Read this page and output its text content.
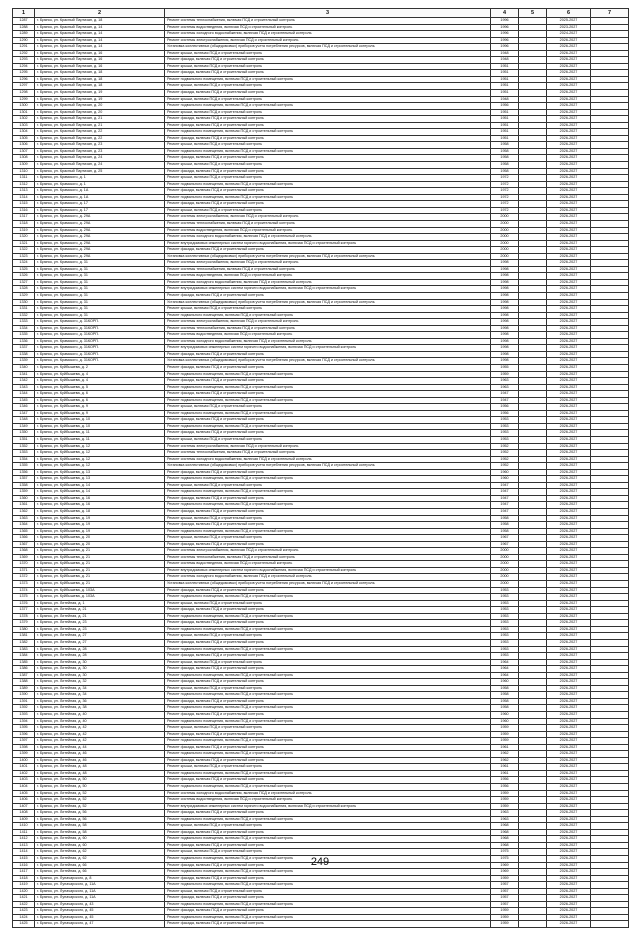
1	2	3	4	5	6	7
1287	г. Брянск, ул. Красный Партизан, д. 18	Ремонт системы теплоснабжения, включая ПСД и строительный контроль	1996		2025-2027	
1288	г. Брянск, ул. Красный Партизан, д. 14	Ремонт системы водоотведения, включая ПСД и строительный контроль	1996		2023-2027	
1289	г. Брянск, ул. Красный Партизан, д. 14	Ремонт системы холодного водоснабжения, включая ПСД и строительный контроль	1996		2024-2027	
1290	г. Брянск, ул. Красный Партизан, д. 14	Ремонт системы электроснабжения, включая ПСД и строительный контроль	1996		2026-2027	
1291	г. Брянск, ул. Красный Партизан, д. 14	Установка коллективных (общедомовых) приборов учета потребления ресурсов, включая ПСД и строительный контроль	1996		2026-2027	
1292	г. Брянск, ул. Красный Партизан, д. 16	Ремонт крыши, включая ПСД и строительный контроль	1948		2026-2027	
1293	г. Брянск, ул. Красный Партизан, д. 16	Ремонт фасада, включая ПСД и строительный контроль	1948		2026-2027	
1294	г. Брянск, ул. Красный Партизан, д. 16	Ремонт крыши, включая ПСД и строительный контроль	1951		2026-2027	
1295	г. Брянск, ул. Красный Партизан, д. 18	Ремонт фасада, включая ПСД и строительный контроль	1951		2026-2027	
1296	г. Брянск, ул. Красный Партизан, д. 18	Ремонт подвального помещения, включая ПСД и строительный контроль	1951		2026-2027	
1297	г. Брянск, ул. Красный Партизан, д. 18	Ремонт крыши, включая ПСД и строительный контроль	1951		2026-2027	
1298	г. Брянск, ул. Красный Партизан, д. 19	Ремонт фасада, включая ПСД и строительный контроль	1951		2026-2027	
1299	г. Брянск, ул. Красный Партизан, д. 19	Ремонт крыши, включая ПСД и строительный контроль	1948		2026-2027	
1300	г. Брянск, ул. Красный Партизан, д. 20	Ремонт подвального помещения, включая ПСД и строительный контроль	1956		2026-2027	
1301	г. Брянск, ул. Красный Партизан, д. 20	Ремонт крыши, включая ПСД и строительный контроль	1951		2026-2027	
1302	г. Брянск, ул. Красный Партизан, д. 21	Ремонт фасада, включая ПСД и строительный контроль	1951		2026-2027	
1303	г. Брянск, ул. Красный Партизан, д. 21	Ремонт фасада, включая ПСД и строительный контроль	1951		2026-2027	
1304	г. Брянск, ул. Красный Партизан, д. 22	Ремонт подвального помещения, включая ПСД и строительный контроль	1951		2026-2027	
1305	г. Брянск, ул. Красный Партизан, д. 22	Ремонт фасада, включая ПСД и строительный контроль	1951		2026-2027	
1306	г. Брянск, ул. Красный Партизан, д. 23	Ремонт крыши, включая ПСД и строительный контроль	1958		2026-2027	
1307	г. Брянск, ул. Красный Партизан, д. 23	Ремонт подвального помещения, включая ПСД и строительный контроль	1958		2026-2027	
1308	г. Брянск, ул. Красный Партизан, д. 24	Ремонт фасада, включая ПСД и строительный контроль	1958		2026-2027	
1309	г. Брянск, ул. Красный Партизан, д. 24	Ремонт крыши, включая ПСД и строительный контроль	1958		2026-2027	
1310	г. Брянск, ул. Красный Партизан, д. 25	Ремонт фасада, включая ПСД и строительный контроль	1958		2026-2027	
1311	г. Брянск, ул. Крамского, д. 1	Ремонт крыши, включая ПСД и строительный контроль	1972		2026-2027	
1312	г. Брянск, ул. Крамского, д. 1	Ремонт подвального помещения, включая ПСД и строительный контроль	1972		2026-2027	
1313	г. Брянск, ул. Крамского, д. 1А	Ремонт фасада, включая ПСД и строительный контроль	1972		2026-2027	
1314	г. Брянск, ул. Крамского, д. 1А	Ремонт подвального помещения, включая ПСД и строительный контроль	1972		2026-2027	
1315	г. Брянск, ул. Крамского, д. 17	Ремонт фасада, включая ПСД и строительный контроль	1972		2026-2027	
1316	г. Брянск, ул. Крамского, д. 17	Ремонт крыши, включая ПСД и строительный контроль	1972		2026-2027	
1317	г. Брянск, ул. Крамского, д. 29А	Ремонт системы электроснабжения, включая ПСД и строительный контроль	2000		2026-2027	
1318	г. Брянск, ул. Крамского, д. 29А	Ремонт системы теплоснабжения, включая ПСД и строительный контроль	2000		2026-2027	
1319	г. Брянск, ул. Крамского, д. 29А	Ремонт системы водоотведения, включая ПСД и строительный контроль	2000		2026-2027	
1320	г. Брянск, ул. Крамского, д. 29А	Ремонт системы холодного водоснабжения, включая ПСД и строительный контроль	2000		2026-2027	
1321	г. Брянск, ул. Крамского, д. 29А	Ремонт внутридомовых инженерных систем горячего водоснабжения, включая ПСД и строительный контроль	2000		2026-2027	
1322	г. Брянск, ул. Крамского, д. 29А	Ремонт фасада, включая ПСД и строительный контроль	2000		2026-2027	
1323	г. Брянск, ул. Крамского, д. 29А	Установка коллективных (общедомовых) приборов учета потребления ресурсов, включая ПСД и строительный контроль	2000		2026-2027	
1324	г. Брянск, ул. Крамского, д. 31	Ремонт системы электроснабжения, включая ПСД и строительный контроль	1998		2026-2027	
1325	г. Брянск, ул. Крамского, д. 31	Ремонт системы теплоснабжения, включая ПСД и строительный контроль	1998		2026-2027	
1326	г. Брянск, ул. Крамского, д. 31	Ремонт системы водоотведения, включая ПСД и строительный контроль	1998		2026-2027	
1327	г. Брянск, ул. Крамского, д. 31	Ремонт системы холодного водоснабжения, включая ПСД и строительный контроль	1998		2026-2027	
1328	г. Брянск, ул. Крамского, д. 31	Ремонт внутридомовых инженерных систем горячего водоснабжения, включая ПСД и строительный контроль	1998		2026-2027	
1329	г. Брянск, ул. Крамского, д. 31	Ремонт фасада, включая ПСД и строительный контроль	1998		2026-2027	
1330	г. Брянск, ул. Крамского, д. 31	Установка коллективных (общедомовых) приборов учета потребления ресурсов, включая ПСД и строительный контроль	1998		2026-2027	
1331	г. Брянск, ул. Крамского, д. 31	Ремонт крыши, включая ПСД и строительный контроль	1998		2026-2027	
1332	г. Брянск, ул. Крамского, д. 31	Ремонт подвального помещения, включая ПСД и строительный контроль	1998		2026-2027	
1333	г. Брянск, ул. Крамского, д. 31КОРП.	Ремонт системы электроснабжения, включая ПСД и строительный контроль	1998		2026-2027	
1334	г. Брянск, ул. Крамского, д. 31КОРП.	Ремонт системы теплоснабжения, включая ПСД и строительный контроль	1998		2026-2027	
1335	г. Брянск, ул. Крамского, д. 31КОРП.	Ремонт системы водоотведения, включая ПСД и строительный контроль	1998		2026-2027	
1336	г. Брянск, ул. Крамского, д. 31КОРП.	Ремонт системы холодного водоснабжения, включая ПСД и строительный контроль	1998		2026-2027	
1337	г. Брянск, ул. Крамского, д. 31КОРП.	Ремонт внутридомовых инженерных систем горячего водоснабжения, включая ПСД и строительный контроль	1998		2026-2027	
1338	г. Брянск, ул. Крамского, д. 31КОРП.	Ремонт фасада, включая ПСД и строительный контроль	1998		2026-2027	
1339	г. Брянск, ул. Крамского, д. 31КОРП.	Установка коллективных (общедомовых) приборов учета потребления ресурсов, включая ПСД и строительный контроль	1998		2026-2027	
1340	г. Брянск, ул. Куйбышева, д. 2	Ремонт фасада, включая ПСД и строительный контроль	1955		2026-2027	
1341	г. Брянск, ул. Куйбышева, д. 4	Ремонт подвального помещения, включая ПСД и строительный контроль	1959		2026-2027	
1342	г. Брянск, ул. Куйбышева, д. 4	Ремонт фасада, включая ПСД и строительный контроль	1963		2026-2027	
1343	г. Брянск, ул. Куйбышева, д. 5	Ремонт подвального помещения, включая ПСД и строительный контроль	1963		2026-2027	
1344	г. Брянск, ул. Куйбышева, д. 6	Ремонт фасада, включая ПСД и строительный контроль	1947		2026-2027	
1345	г. Брянск, ул. Куйбышева, д. 6	Ремонт подвального помещения, включая ПСД и строительный контроль	1947		2026-2027	
1346	г. Брянск, ул. Куйбышева, д. 9	Ремонт крыши, включая ПСД и строительный контроль	1956		2026-2027	
1347	г. Брянск, ул. Куйбышева, д. 9	Ремонт подвального помещения, включая ПСД и строительный контроль	1956		2026-2027	
1348	г. Брянск, ул. Куйбышева, д. 10	Ремонт фасада, включая ПСД и строительный контроль	1953		2026-2027	
1349	г. Брянск, ул. Куйбышева, д. 10	Ремонт подвального помещения, включая ПСД и строительный контроль	1953		2026-2027	
1350	г. Брянск, ул. Куйбышева, д. 11	Ремонт фасада, включая ПСД и строительный контроль	1953		2026-2027	
1351	г. Брянск, ул. Куйбышева, д. 11	Ремонт крыши, включая ПСД и строительный контроль	1953		2026-2027	
1352	г. Брянск, ул. Куйбышева, д. 12	Ремонт системы электроснабжения, включая ПСД и строительный контроль	1952		2026-2027	
1353	г. Брянск, ул. Куйбышева, д. 12	Ремонт системы теплоснабжения, включая ПСД и строительный контроль	1952		2026-2027	
1354	г. Брянск, ул. Куйбышева, д. 12	Ремонт системы холодного водоснабжения, включая ПСД и строительный контроль	1952		2026-2027	
1355	г. Брянск, ул. Куйбышева, д. 12	Установка коллективных (общедомовых) приборов учета потребления ресурсов, включая ПСД и строительный контроль	1952		2026-2027	
1356	г. Брянск, ул. Куйбышева, д. 13	Ремонт фасада, включая ПСД и строительный контроль	1960		2026-2027	
1357	г. Брянск, ул. Куйбышева, д. 13	Ремонт подвального помещения, включая ПСД и строительный контроль	1960		2026-2027	
1358	г. Брянск, ул. Куйбышева, д. 14	Ремонт крыши, включая ПСД и строительный контроль	1947		2026-2027	
1359	г. Брянск, ул. Куйбышева, д. 14	Ремонт подвального помещения, включая ПСД и строительный контроль	1947		2026-2027	
1360	г. Брянск, ул. Куйбышева, д. 16	Ремонт фасада, включая ПСД и строительный контроль	1947		2026-2027	
1361	г. Брянск, ул. Куйбышева, д. 16	Ремонт подвального помещения, включая ПСД и строительный контроль	1947		2026-2027	
1362	г. Брянск, ул. Куйбышева, д. 18	Ремонт фасада, включая ПСД и строительный контроль	1947		2026-2027	
1363	г. Брянск, ул. Куйбышева, д. 19	Ремонт крыши, включая ПСД и строительный контроль	1958		2026-2027	
1364	г. Брянск, ул. Куйбышева, д. 19	Ремонт фасада, включая ПСД и строительный контроль	1958		2026-2027	
1365	г. Брянск, ул. Куйбышева, д. 19	Ремонт подвального помещения, включая ПСД и строительный контроль	1958		2026-2027	
1366	г. Брянск, ул. Куйбышева, д. 20	Ремонт крыши, включая ПСД и строительный контроль	1967		2026-2027	
1367	г. Брянск, ул. Куйбышева, д. 20	Ремонт фасада, включая ПСД и строительный контроль	1967		2026-2027	
1368	г. Брянск, ул. Куйбышева, д. 21	Ремонт системы электроснабжения, включая ПСД и строительный контроль	2000		2026-2027	
1369	г. Брянск, ул. Куйбышева, д. 21	Ремонт системы теплоснабжения, включая ПСД и строительный контроль	2000		2026-2027	
1370	г. Брянск, ул. Куйбышева, д. 21	Ремонт системы водоотведения, включая ПСД и строительный контроль	2000		2026-2027	
1371	г. Брянск, ул. Куйбышева, д. 21	Ремонт внутридомовых инженерных систем горячего водоснабжения, включая ПСД и строительный контроль	2000		2026-2027	
1372	г. Брянск, ул. Куйбышева, д. 21	Ремонт системы холодного водоснабжения, включая ПСД и строительный контроль	2000		2026-2027	
1373	г. Брянск, ул. Куйбышева, д. 21	Установка коллективных (общедомовых) приборов учета потребления ресурсов, включая ПСД и строительный контроль	2000		2026-2027	
1374	г. Брянск, ул. Куйбышева, д. 103А	Ремонт фасада, включая ПСД и строительный контроль	1953		2026-2027	
1375	г. Брянск, ул. Куйбышева, д. 103А	Ремонт подвального помещения, включая ПСД и строительный контроль	1953		2026-2027	
1376	г. Брянск, ул. Литейная, д. 1	Ремонт крыши, включая ПСД и строительный контроль	1953		2026-2027	
1377	г. Брянск, ул. Литейная, д. 21	Ремонт фасада, включая ПСД и строительный контроль	1953		2026-2027	
1378	г. Брянск, ул. Литейная, д. 21	Ремонт подвального помещения, включая ПСД и строительный контроль	1953		2026-2027	
1379	г. Брянск, ул. Литейная, д. 23	Ремонт фасада, включая ПСД и строительный контроль	1953		2026-2027	
1380	г. Брянск, ул. Литейная, д. 23	Ремонт подвального помещения, включая ПСД и строительный контроль	1953		2026-2027	
1381	г. Брянск, ул. Литейная, д. 27	Ремонт крыши, включая ПСД и строительный контроль	1953		2026-2027	
1382	г. Брянск, ул. Литейная, д. 27	Ремонт фасада, включая ПСД и строительный контроль	1953		2026-2027	
1383	г. Брянск, ул. Литейная, д. 28	Ремонт подвального помещения, включая ПСД и строительный контроль	1953		2026-2027	
1384	г. Брянск, ул. Литейная, д. 28	Ремонт фасада, включая ПСД и строительный контроль	1953		2026-2027	
1385	г. Брянск, ул. Литейная, д. 30	Ремонт крыши, включая ПСД и строительный контроль	1964		2026-2027	
1386	г. Брянск, ул. Литейная, д. 30	Ремонт фасада, включая ПСД и строительный контроль	1964		2026-2027	
1387	г. Брянск, ул. Литейная, д. 30	Ремонт подвального помещения, включая ПСД и строительный контроль	1964		2026-2027	
1388	г. Брянск, ул. Литейная, д. 32	Ремонт фасада, включая ПСД и строительный контроль	1960		2026-2027	
1389	г. Брянск, ул. Литейная, д. 34	Ремонт крыши, включая ПСД и строительный контроль	1958		2026-2027	
1390	г. Брянск, ул. Литейная, д. 34	Ремонт подвального помещения, включая ПСД и строительный контроль	1958		2026-2027	
1391	г. Брянск, ул. Литейная, д. 36	Ремонт фасада, включая ПСД и строительный контроль	1958		2026-2027	
1392	г. Брянск, ул. Литейная, д. 38	Ремонт подвального помещения, включая ПСД и строительный контроль	1958		2026-2027	
1393	г. Брянск, ул. Литейная, д. 40	Ремонт фасада, включая ПСД и строительный контроль	1960		2026-2027	
1394	г. Брянск, ул. Литейная, д. 40	Ремонт подвального помещения, включая ПСД и строительный контроль	1960		2026-2027	
1395	г. Брянск, ул. Литейная, д. 42	Ремонт крыши, включая ПСД и строительный контроль	1959		2026-2027	
1396	г. Брянск, ул. Литейная, д. 42	Ремонт фасада, включая ПСД и строительный контроль	1959		2026-2027	
1397	г. Брянск, ул. Литейная, д. 42	Ремонт подвального помещения, включая ПСД и строительный контроль	1959		2026-2027	
1398	г. Брянск, ул. Литейная, д. 44	Ремонт фасада, включая ПСД и строительный контроль	1961		2026-2027	
1399	г. Брянск, ул. Литейная, д. 46	Ремонт подвального помещения, включая ПСД и строительный контроль	1962		2026-2027	
1400	г. Брянск, ул. Литейная, д. 46	Ремонт фасада, включая ПСД и строительный контроль	1962		2026-2027	
1401	г. Брянск, ул. Литейная, д. 48	Ремонт крыши, включая ПСД и строительный контроль	1961		2026-2027	
1402	г. Брянск, ул. Литейная, д. 48	Ремонт подвального помещения, включая ПСД и строительный контроль	1961		2026-2027	
1403	г. Брянск, ул. Литейная, д. 50	Ремонт фасада, включая ПСД и строительный контроль	1956		2026-2027	
1404	г. Брянск, ул. Литейная, д. 50	Ремонт подвального помещения, включая ПСД и строительный контроль	1956		2026-2027	
1405	г. Брянск, ул. Литейная, д. 52	Ремонт системы холодного водоснабжения, включая ПСД и строительный контроль	1959		2026-2027	
1406	г. Брянск, ул. Литейная, д. 52	Ремонт системы водоотведения, включая ПСД и строительный контроль	1959		2026-2027	
1407	г. Брянск, ул. Литейная, д. 52	Ремонт внутридомовых инженерных систем горячего водоснабжения, включая ПСД и строительный контроль	1959		2026-2027	
1408	г. Брянск, ул. Литейная, д. 56	Ремонт фасада, включая ПСД и строительный контроль	1963		2026-2027	
1409	г. Брянск, ул. Литейная, д. 56	Ремонт подвального помещения, включая ПСД и строительный контроль	1963		2026-2027	
1410	г. Брянск, ул. Литейная, д. 58	Ремонт крыши, включая ПСД и строительный контроль	1968		2026-2027	
1411	г. Брянск, ул. Литейная, д. 58	Ремонт фасада, включая ПСД и строительный контроль	1968		2026-2027	
1412	г. Брянск, ул. Литейная, д. 60	Ремонт подвального помещения, включая ПСД и строительный контроль	1968		2026-2027	
1413	г. Брянск, ул. Литейная, д. 60	Ремонт фасада, включая ПСД и строительный контроль	1968		2026-2027	
1414	г. Брянск, ул. Литейная, д. 62	Ремонт крыши, включая ПСД и строительный контроль	1975		2026-2027	
1415	г. Брянск, ул. Литейная, д. 62	Ремонт подвального помещения, включая ПСД и строительный контроль	1975		2026-2027	
1416	г. Брянск, ул. Литейная, д. 66	Ремонт фасада, включая ПСД и строительный контроль	1969		2026-2027	
1417	г. Брянск, ул. Литейная, д. 66	Ремонт подвального помещения, включая ПСД и строительный контроль	1969		2026-2027	
1418	г. Брянск, ул. Луначарского, д. 8	Ремонт фасада, включая ПСД и строительный контроль	1959		2026-2027	
1419	г. Брянск, ул. Луначарского, д. 11А	Ремонт подвального помещения, включая ПСД и строительный контроль	1957		2026-2027	
1420	г. Брянск, ул. Луначарского, д. 11А	Ремонт крыши, включая ПСД и строительный контроль	1957		2026-2027	
1421	г. Брянск, ул. Луначарского, д. 11А	Ремонт фасада, включая ПСД и строительный контроль	1957		2026-2027	
1422	г. Брянск, ул. Луначарского, д. 43	Ремонт подвального помещения, включая ПСД и строительный контроль	1957		2026-2027	
1423	г. Брянск, ул. Луначарского, д. 45	Ремонт фасада, включая ПСД и строительный контроль	1959		2026-2027	
1424	г. Брянск, ул. Луначарского, д. 45	Ремонт подвального помещения, включая ПСД и строительный контроль	1959		2026-2027	
1425	г. Брянск, ул. Луначарского, д. 47	Ремонт фасада, включая ПСД и строительный контроль	1959		2026-2027	
249
